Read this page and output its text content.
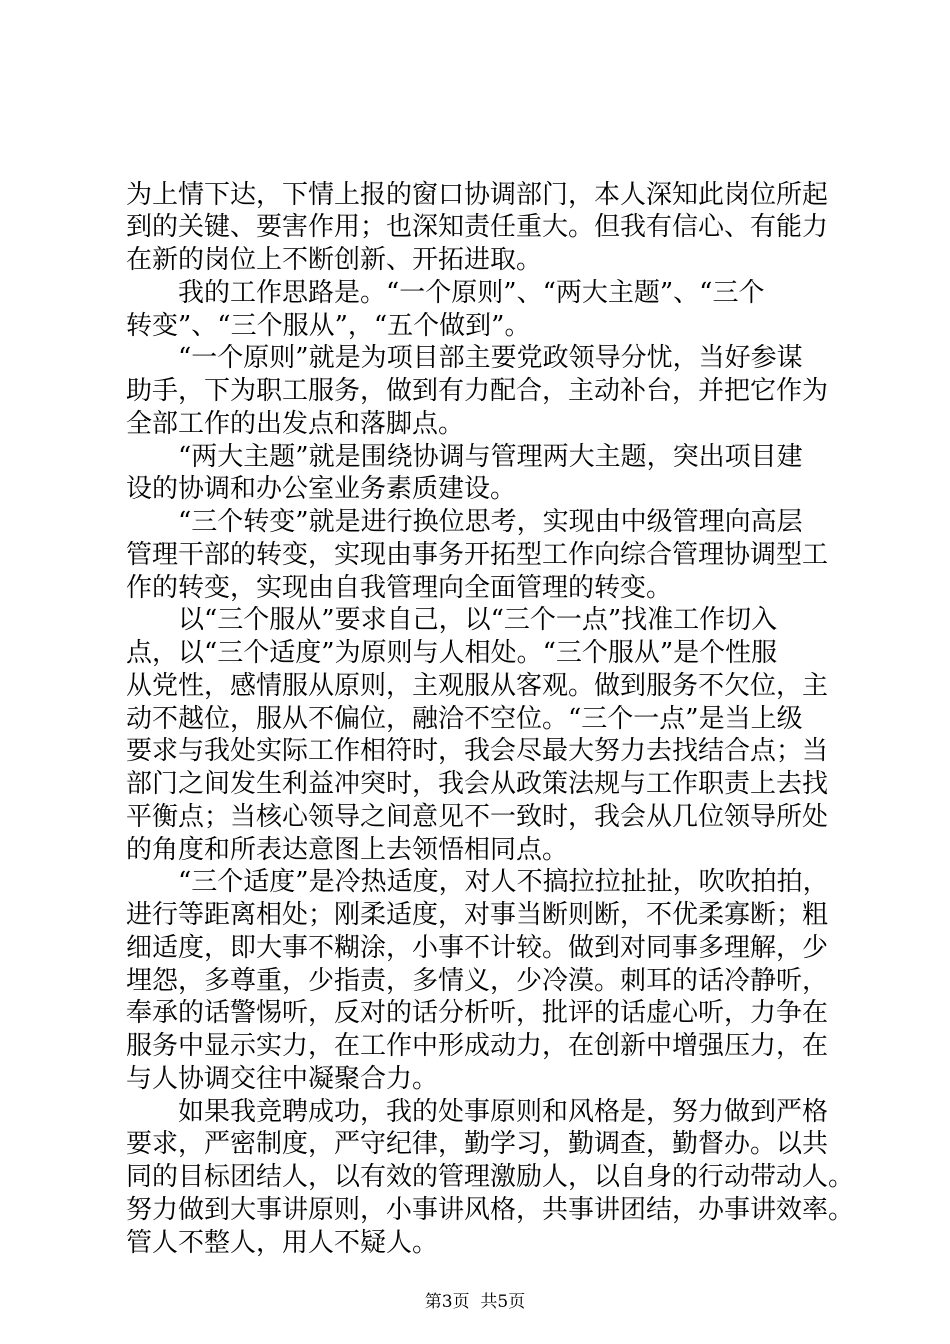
为上情下达，下情上报的窗口协调部门，本人深知此岗位所起
到的关键、要害作用；也深知责任重大。但我有信心、有能力
在新的岗位上不断创新、开拓进取。
我的工作思路是。“一个原则”、“两大主题”、“三个
转变”、“三个服从”，“五个做到”。
“一个原则”就是为项目部主要党政领导分忧，当好参谋
助手，下为职工服务，做到有力配合，主动补台，并把它作为
全部工作的出发点和落脚点。
“两大主题”就是围绕协调与管理两大主题，突出项目建
设的协调和办公室业务素质建设。
“三个转变”就是进行换位思考，实现由中级管理向高层
管理干部的转变，实现由事务开拓型工作向综合管理协调型工
作的转变，实现由自我管理向全面管理的转变。
以“三个服从”要求自己，以“三个一点”找准工作切入
点，以“三个适度”为原则与人相处。“三个服从”是个性服
从党性，感情服从原则，主观服从客观。做到服务不欠位，主
动不越位，服从不偏位，融洽不空位。“三个一点”是当上级
要求与我处实际工作相符时，我会尽最大努力去找结合点；当
部门之间发生利益冲突时，我会从政策法规与工作职责上去找
平衡点；当核心领导之间意见不一致时，我会从几位领导所处
的角度和所表达意图上去领悟相同点。
“三个适度”是冷热适度，对人不搞拉拉扯扯，吹吹拍拍，
进行等距离相处；刚柔适度，对事当断则断，不优柔寡断；粗
细适度，即大事不糊涂，小事不计较。做到对同事多理解，少
埋怨，多尊重，少指责，多情义，少冷漠。刺耳的话冷静听，
奉承的话警惕听，反对的话分析听，批评的话虚心听，力争在
服务中显示实力，在工作中形成动力，在创新中增强压力，在
与人协调交往中凝聚合力。
如果我竞聘成功，我的处事原则和风格是，努力做到严格
要求，严密制度，严守纪律，勤学习，勤调查，勤督办。以共
同的目标团结人，以有效的管理激励人，以自身的行动带动人。
努力做到大事讲原则，小事讲风格，共事讲团结，办事讲效率。
管人不整人，用人不疑人。
第3页  共5页
